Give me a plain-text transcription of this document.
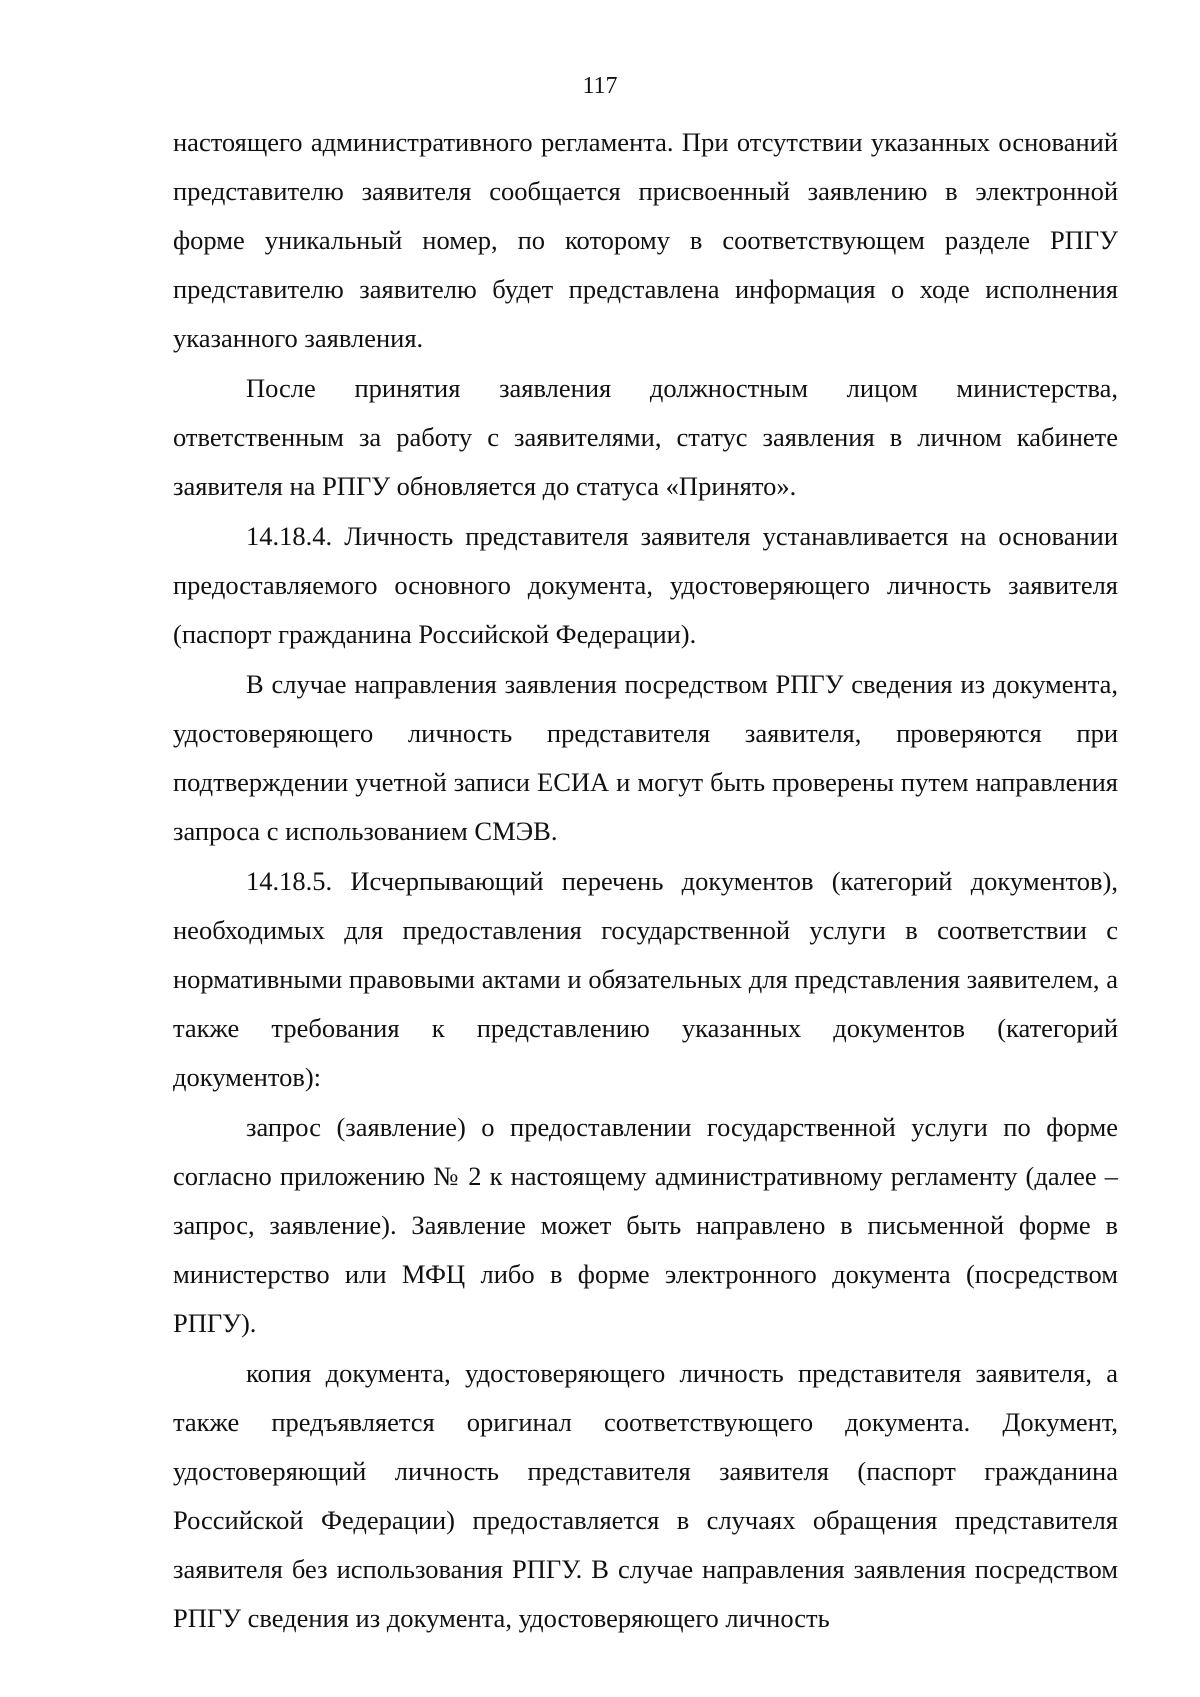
117

настоящего административного регламента. При отсутствии указанных оснований представителю заявителя сообщается присвоенный заявлению в электронной форме уникальный номер, по которому в соответствующем разделе РПГУ представителю заявителю будет представлена информация о ходе исполнения указанного заявления.

После принятия заявления должностным лицом министерства, ответственным за работу с заявителями, статус заявления в личном кабинете заявителя на РПГУ обновляется до статуса «Принято».

14.18.4. Личность представителя заявителя устанавливается на основании предоставляемого основного документа, удостоверяющего личность заявителя (паспорт гражданина Российской Федерации).

В случае направления заявления посредством РПГУ сведения из документа, удостоверяющего личность представителя заявителя, проверяются при подтверждении учетной записи ЕСИА и могут быть проверены путем направления запроса с использованием СМЭВ.

14.18.5. Исчерпывающий перечень документов (категорий документов), необходимых для предоставления государственной услуги в соответствии с нормативными правовыми актами и обязательных для представления заявителем, а также требования к представлению указанных документов (категорий документов):

запрос (заявление) о предоставлении государственной услуги по форме согласно приложению № 2 к настоящему административному регламенту (далее – запрос, заявление). Заявление может быть направлено в письменной форме в министерство или МФЦ либо в форме электронного документа (посредством РПГУ).

копия документа, удостоверяющего личность представителя заявителя, а также предъявляется оригинал соответствующего документа. Документ, удостоверяющий личность представителя заявителя (паспорт гражданина Российской Федерации) предоставляется в случаях обращения представителя заявителя без использования РПГУ. В случае направления заявления посредством РПГУ сведения из документа, удостоверяющего личность
